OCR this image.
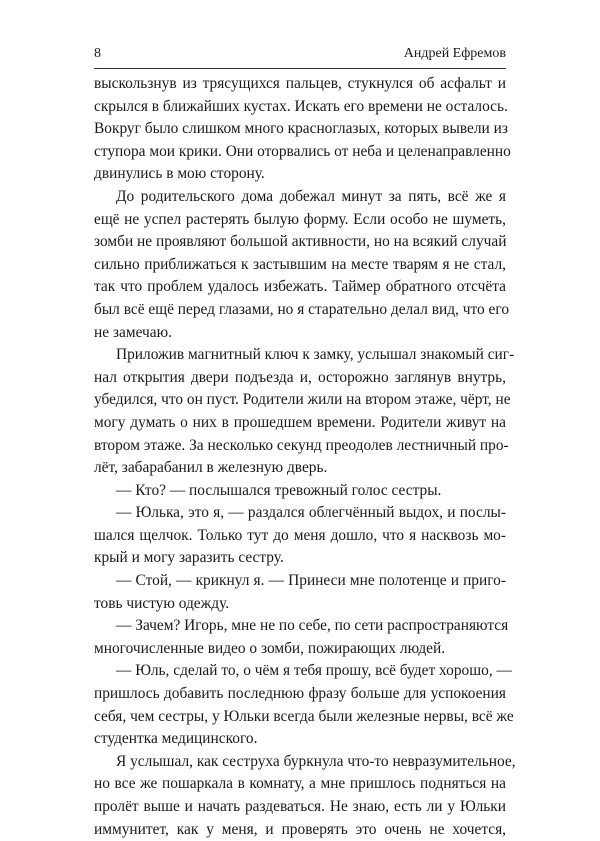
8	Андрей Ефремов
выскользнув из трясущихся пальцев, стукнулся об асфальт и
скрылся в ближайших кустах. Искать его времени не осталось.
Вокруг было слишком много красноглазых, которых вывели из
ступора мои крики. Они оторвались от неба и целенаправленно
двинулись в мою сторону.
До родительского дома добежал минут за пять, всё же я
ещё не успел растерять былую форму. Если особо не шуметь,
зомби не проявляют большой активности, но на всякий случай
сильно приближаться к застывшим на месте тварям я не стал,
так что проблем удалось избежать. Таймер обратного отсчёта
был всё ещё перед глазами, но я старательно делал вид, что его
не замечаю.
Приложив магнитный ключ к замку, услышал знакомый сиг-
нал открытия двери подъезда и, осторожно заглянув внутрь,
убедился, что он пуст. Родители жили на втором этаже, чёрт, не
могу думать о них в прошедшем времени. Родители живут на
втором этаже. За несколько секунд преодолев лестничный про-
лёт, забарабанил в железную дверь.
— Кто? — послышался тревожный голос сестры.
— Юлька, это я, — раздался облегчённый выдох, и послы-
шался щелчок. Только тут до меня дошло, что я насквозь мо-
крый и могу заразить сестру.
— Стой, — крикнул я. — Принеси мне полотенце и приго-
товь чистую одежду.
— Зачем? Игорь, мне не по себе, по сети распространяются
многочисленные видео о зомби, пожирающих людей.
— Юль, сделай то, о чём я тебя прошу, всё будет хорошо, —
пришлось добавить последнюю фразу больше для успокоения
себя, чем сестры, у Юльки всегда были железные нервы, всё же
студентка медицинского.
Я услышал, как сеструха буркнула что-то невразумительное,
но все же пошаркала в комнату, а мне пришлось подняться на
пролёт выше и начать раздеваться. Не знаю, есть ли у Юльки
иммунитет, как у меня, и проверять это очень не хочется,
